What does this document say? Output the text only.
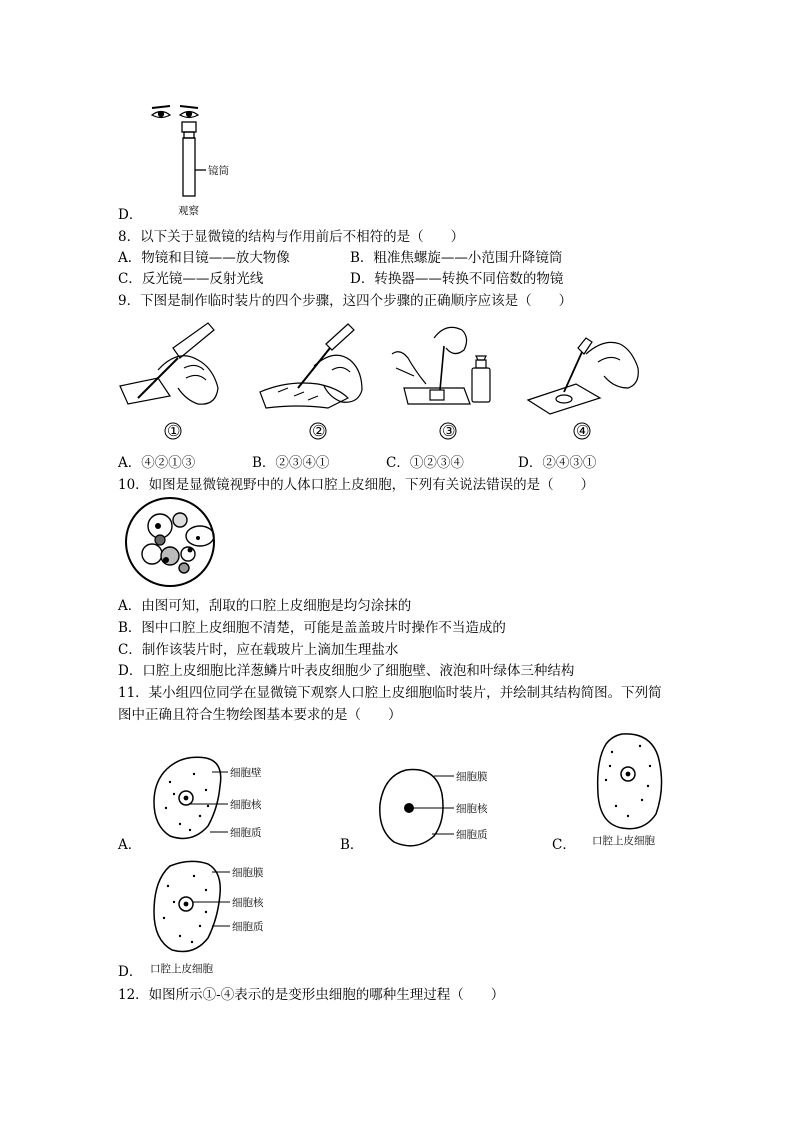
镜筒
观察
D．
8．以下关于显微镜的结构与作用前后不相符的是（　　）
A．物镜和目镜——放大物像	B．粗准焦螺旋——小范围升降镜筒
C．反光镜——反射光线	D．转换器——转换不同倍数的物镜
9．下图是制作临时装片的四个步骤，这四个步骤的正确顺序应该是（　　）
①	②	③	④
A．④②①③	B．②③④①	C．①②③④	D．②④③①
10．如图是显微镜视野中的人体口腔上皮细胞，下列有关说法错误的是（　　）
A．由图可知，刮取的口腔上皮细胞是均匀涂抹的
B．图中口腔上皮细胞不清楚，可能是盖盖玻片时操作不当造成的
C．制作该装片时，应在载玻片上滴加生理盐水
D．口腔上皮细胞比洋葱鳞片叶表皮细胞少了细胞壁、液泡和叶绿体三种结构
11．某小组四位同学在显微镜下观察人口腔上皮细胞临时装片，并绘制其结构简图。下列简
图中正确且符合生物绘图基本要求的是（　　）
细胞壁
细胞核
细胞质
A．
细胞膜
细胞核
细胞质
B．	口腔上皮细胞
C．
细胞膜
细胞核
细胞质
口腔上皮细胞
D．
12．如图所示①-④表示的是变形虫细胞的哪种生理过程（　　）
